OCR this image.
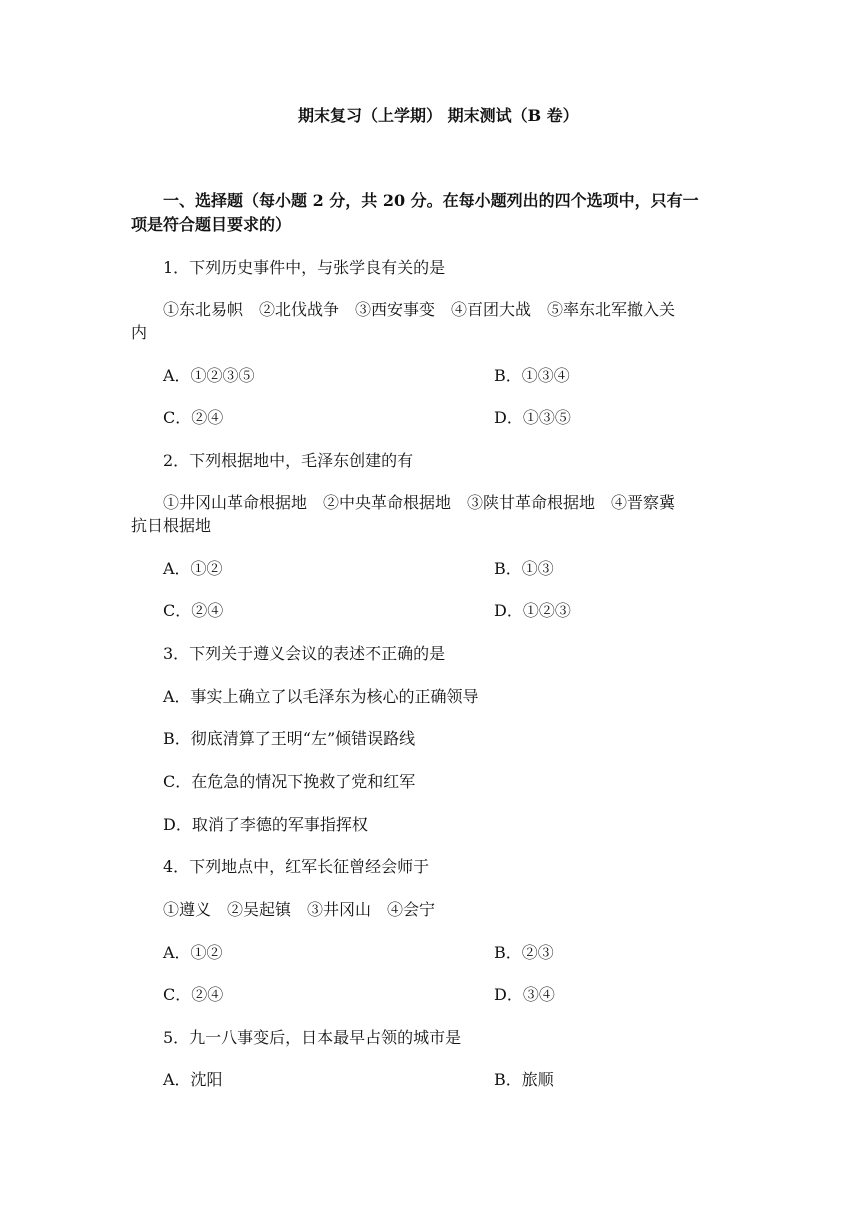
期末复习（上学期） 期末测试（B 卷）
一、选择题（每小题 2 分，共 20 分。在每小题列出的四个选项中，只有一
项是符合题目要求的）
1．下列历史事件中，与张学良有关的是
①东北易帜　②北伐战争　③西安事变　④百团大战　⑤率东北军撤入关
内
A．①②③⑤	B．①③④
C．②④	D．①③⑤
2．下列根据地中，毛泽东创建的有
①井冈山革命根据地　②中央革命根据地　③陕甘革命根据地　④晋察冀
抗日根据地
A．①②	B．①③
C．②④	D．①②③
3．下列关于遵义会议的表述不正确的是
A．事实上确立了以毛泽东为核心的正确领导
B．彻底清算了王明“左”倾错误路线
C．在危急的情况下挽救了党和红军
D．取消了李德的军事指挥权
4．下列地点中，红军长征曾经会师于
①遵义　②吴起镇　③井冈山　④会宁
A．①②	B．②③
C．②④	D．③④
5．九一八事变后，日本最早占领的城市是
A．沈阳	B．旅顺
